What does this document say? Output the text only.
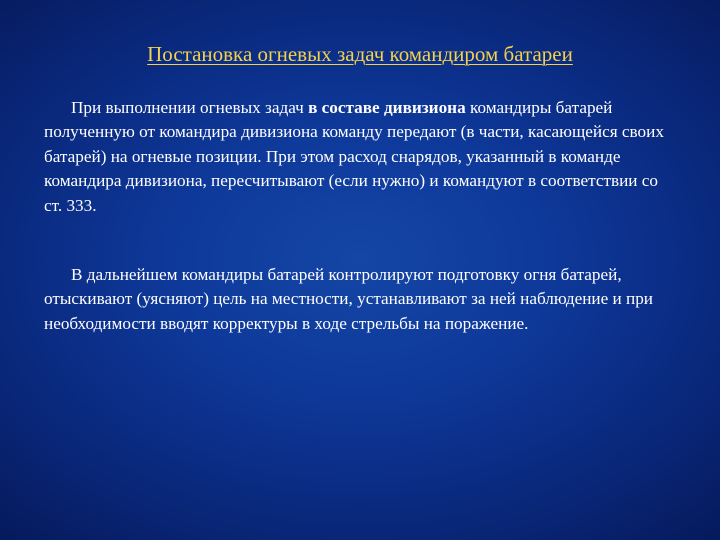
Постановка огневых задач командиром батареи

При выполнении огневых задач в составе дивизиона командиры батарей полученную от командира дивизиона команду передают (в части, касающейся своих батарей) на огневые позиции. При этом расход снарядов, указанный в команде командира дивизиона, пересчитывают (если нужно) и командуют в соответствии со ст. 333.

В дальнейшем командиры батарей контролируют подготовку огня батарей, отыскивают (уясняют) цель на местности, устанавливают за ней наблюдение и при необходимости вводят корректуры в ходе стрельбы на поражение.
